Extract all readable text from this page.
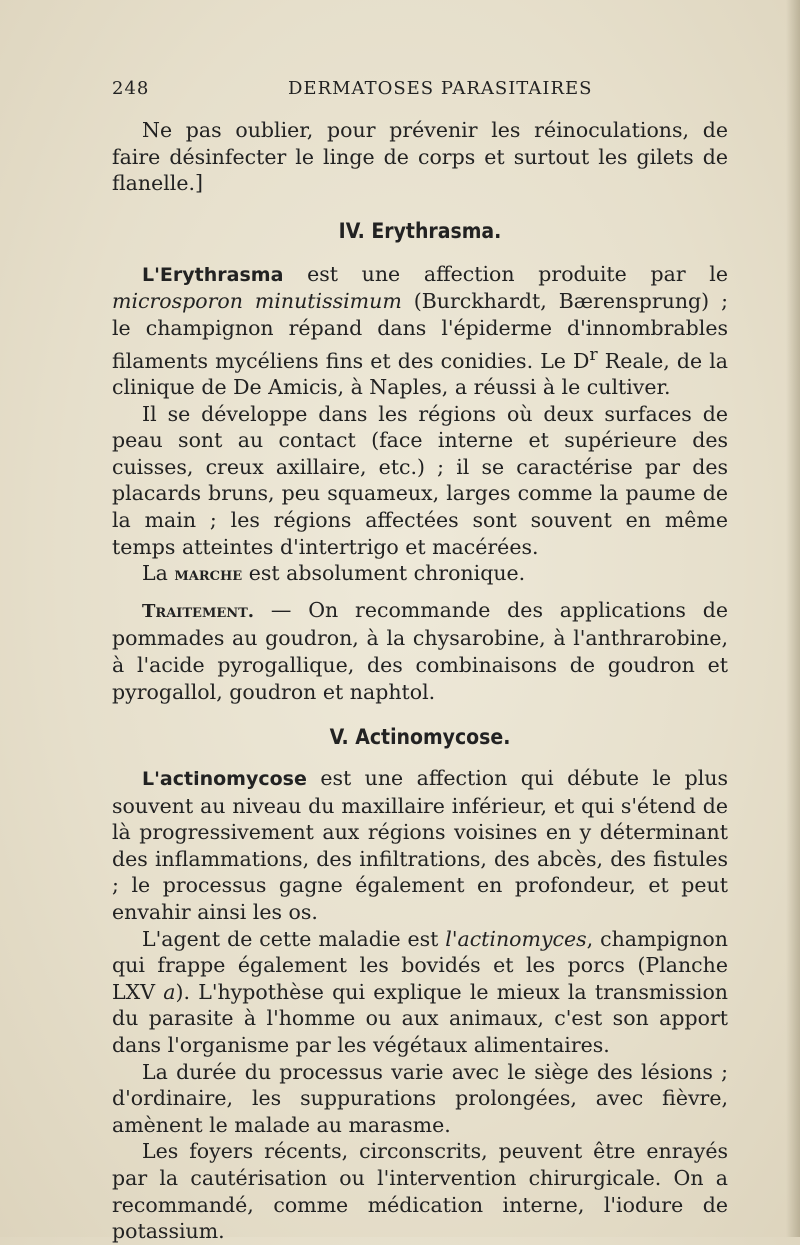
248	DERMATOSES PARASITAIRES

Ne pas oublier, pour prévenir les réinoculations, de faire désinfecter le linge de corps et surtout les gilets de flanelle.]

IV. Erythrasma.

L'Erythrasma est une affection produite par le microsporon minutissimum (Burckhardt, Bærensprung) ; le champignon répand dans l'épiderme d'innombrables filaments mycéliens fins et des conidies. Le $D^r$ Reale, de la clinique de De Amicis, à Naples, a réussi à le cultiver.

Il se développe dans les régions où deux surfaces de peau sont au contact (face interne et supérieure des cuisses, creux axillaire, etc.) ; il se caractérise par des placards bruns, peu squameux, larges comme la paume de la main ; les régions affectées sont souvent en même temps atteintes d'intertrigo et macérées.

La marche est absolument chronique.

Traitement. — On recommande des applications de pommades au goudron, à la chysarobine, à l'anthrarobine, à l'acide pyrogallique, des combinaisons de goudron et pyrogallol, goudron et naphtol.

V. Actinomycose.

L'actinomycose est une affection qui débute le plus souvent au niveau du maxillaire inférieur, et qui s'étend de là progressivement aux régions voisines en y déterminant des inflammations, des infiltrations, des abcès, des fistules ; le processus gagne également en profondeur, et peut envahir ainsi les os.

L'agent de cette maladie est l'actinomyces, champignon qui frappe également les bovidés et les porcs (Planche LXV a). L'hypothèse qui explique le mieux la transmission du parasite à l'homme ou aux animaux, c'est son apport dans l'organisme par les végétaux alimentaires.

La durée du processus varie avec le siège des lésions ; d'ordinaire, les suppurations prolongées, avec fièvre, amènent le malade au marasme.

Les foyers récents, circonscrits, peuvent être enrayés par la cautérisation ou l'intervention chirurgicale. On a recommandé, comme médication interne, l'iodure de potassium.
